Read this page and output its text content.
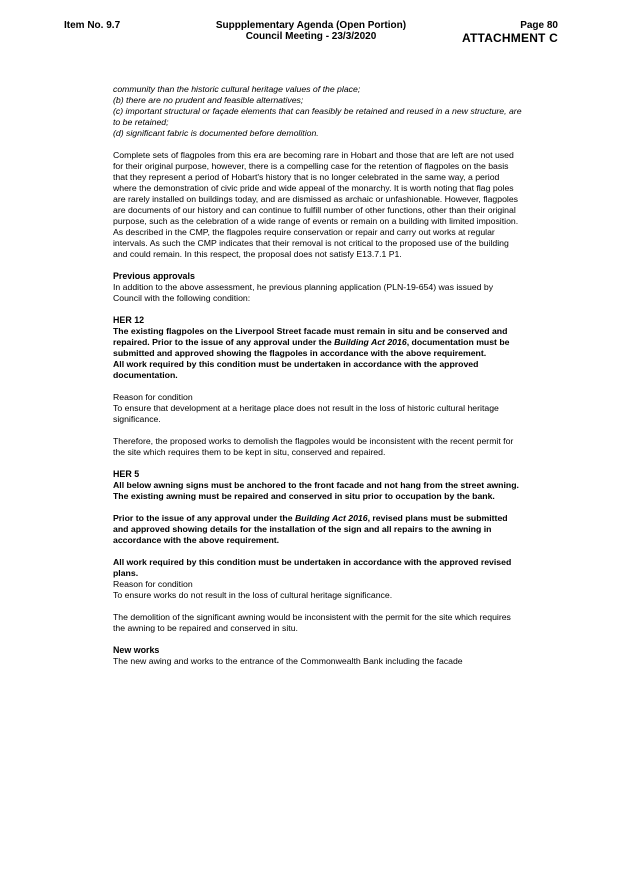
Item No. 9.7	Suppplementary Agenda (Open Portion)
Council Meeting - 23/3/2020
Page 80
ATTACHMENT C

community than the historic cultural heritage values of the place;

(b) there are no prudent and feasible alternatives;

(c) important structural or façade elements that can feasibly be retained and reused in a new structure, are to be retained;

(d) significant fabric is documented before demolition.

Complete sets of flagpoles from this era are becoming rare in Hobart and those that are left are not used for their original purpose, however, there is a compelling case for the retention of flagpoles on the basis that they represent a period of Hobart's history that is no longer celebrated in the same way, a period where the demonstration of civic pride and wide appeal of the monarchy. It is worth noting that flag poles are rarely installed on buildings today, and are dismissed as archaic or unfashionable. However, flagpoles are documents of our history and can continue to fulfill number of other functions, other than their original purpose, such as the celebration of a wide range of events or remain on a building with limited imposition. As described in the CMP, the flagpoles require conservation or repair and carry out works at regular intervals. As such the CMP indicates that their removal is not critical to the proposed use of the building and could remain. In this respect, the proposal does not satisfy E13.7.1 P1.

Previous approvals

In addition to the above assessment, he previous planning application (PLN-19-654) was issued by Council with the following condition:

HER 12

The existing flagpoles on the Liverpool Street facade must remain in situ and be conserved and repaired. Prior to the issue of any approval under the Building Act 2016, documentation must be submitted and approved showing the flagpoles in accordance with the above requirement.

All work required by this condition must be undertaken in accordance with the approved documentation.

Reason for condition

To ensure that development at a heritage place does not result in the loss of historic cultural heritage significance.

Therefore, the proposed works to demolish the flagpoles would be inconsistent with the recent permit for the site which requires them to be kept in situ, conserved and repaired.

HER 5

All below awning signs must be anchored to the front facade and not hang from the street awning. The existing awning must be repaired and conserved in situ prior to occupation by the bank.

Prior to the issue of any approval under the Building Act 2016, revised plans must be submitted and approved showing details for the installation of the sign and all repairs to the awning in accordance with the above requirement.

All work required by this condition must be undertaken in accordance with the approved revised plans.

Reason for condition

To ensure works do not result in the loss of cultural heritage significance.

The demolition of the significant awning would be inconsistent with the permit for the site which requires the awning to be repaired and conserved in situ.

New works

The new awing and works to the entrance of the Commonwealth Bank including the facade
